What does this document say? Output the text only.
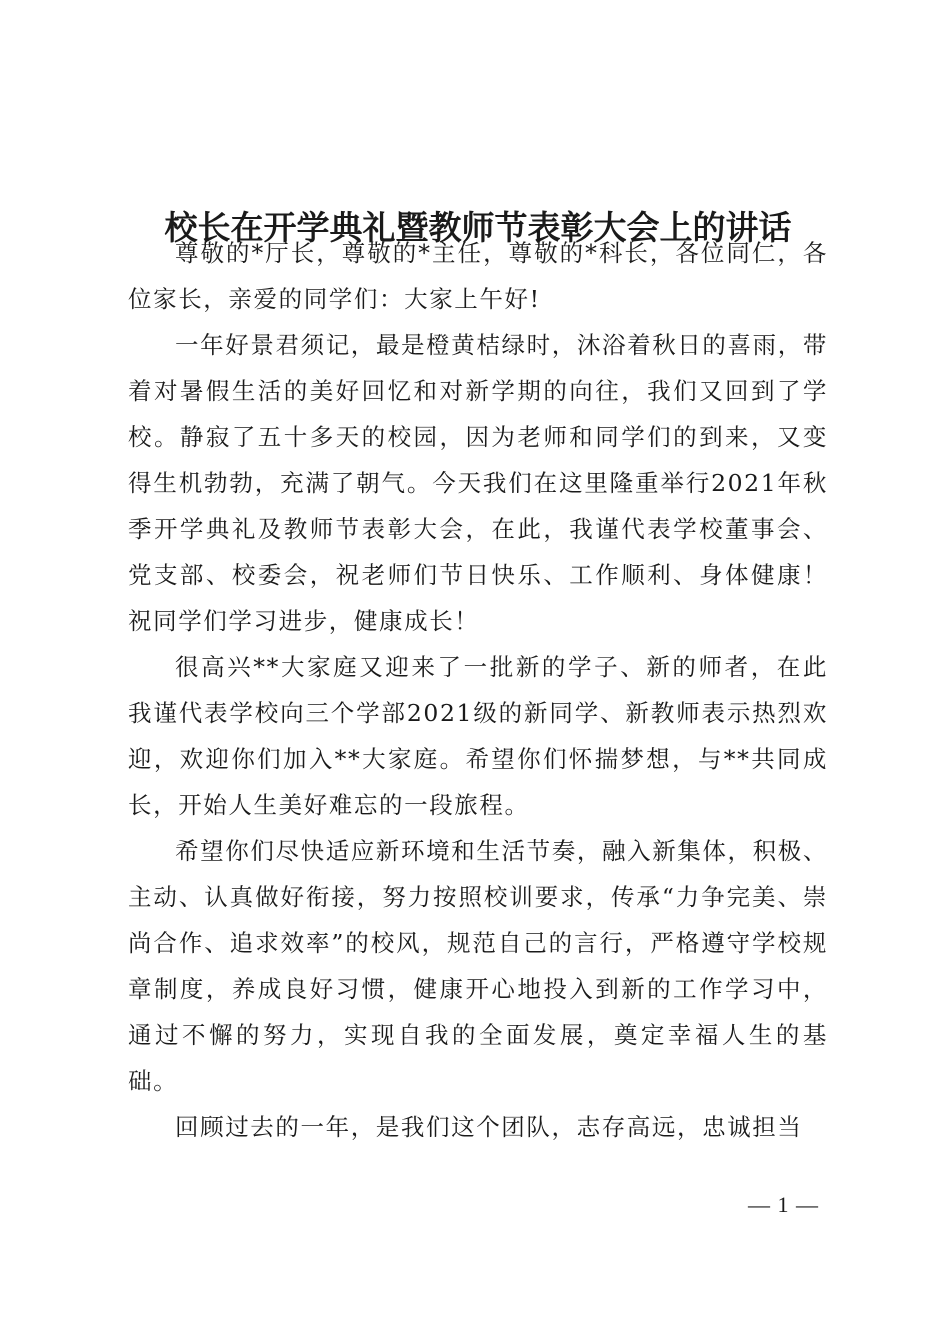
校长在开学典礼暨教师节表彰大会上的讲话

尊敬的*厅长，尊敬的*主任，尊敬的*科长，各位同仁，各位家长，亲爱的同学们：大家上午好!

一年好景君须记，最是橙黄桔绿时，沐浴着秋日的喜雨，带着对暑假生活的美好回忆和对新学期的向往，我们又回到了学校。静寂了五十多天的校园，因为老师和同学们的到来，又变得生机勃勃，充满了朝气。今天我们在这里隆重举行2021年秋季开学典礼及教师节表彰大会，在此，我谨代表学校董事会、党支部、校委会，祝老师们节日快乐、工作顺利、身体健康！祝同学们学习进步，健康成长！

很高兴**大家庭又迎来了一批新的学子、新的师者，在此我谨代表学校向三个学部2021级的新同学、新教师表示热烈欢迎，欢迎你们加入**大家庭。希望你们怀揣梦想，与**共同成长，开始人生美好难忘的一段旅程。

希望你们尽快适应新环境和生活节奏，融入新集体，积极、主动、认真做好衔接，努力按照校训要求，传承“力争完美、崇尚合作、追求效率”的校风，规范自己的言行，严格遵守学校规章制度，养成良好习惯，健康开心地投入到新的工作学习中，通过不懈的努力，实现自我的全面发展，奠定幸福人生的基础。

回顾过去的一年，是我们这个团队，志存高远，忠诚担当

— 1 —
